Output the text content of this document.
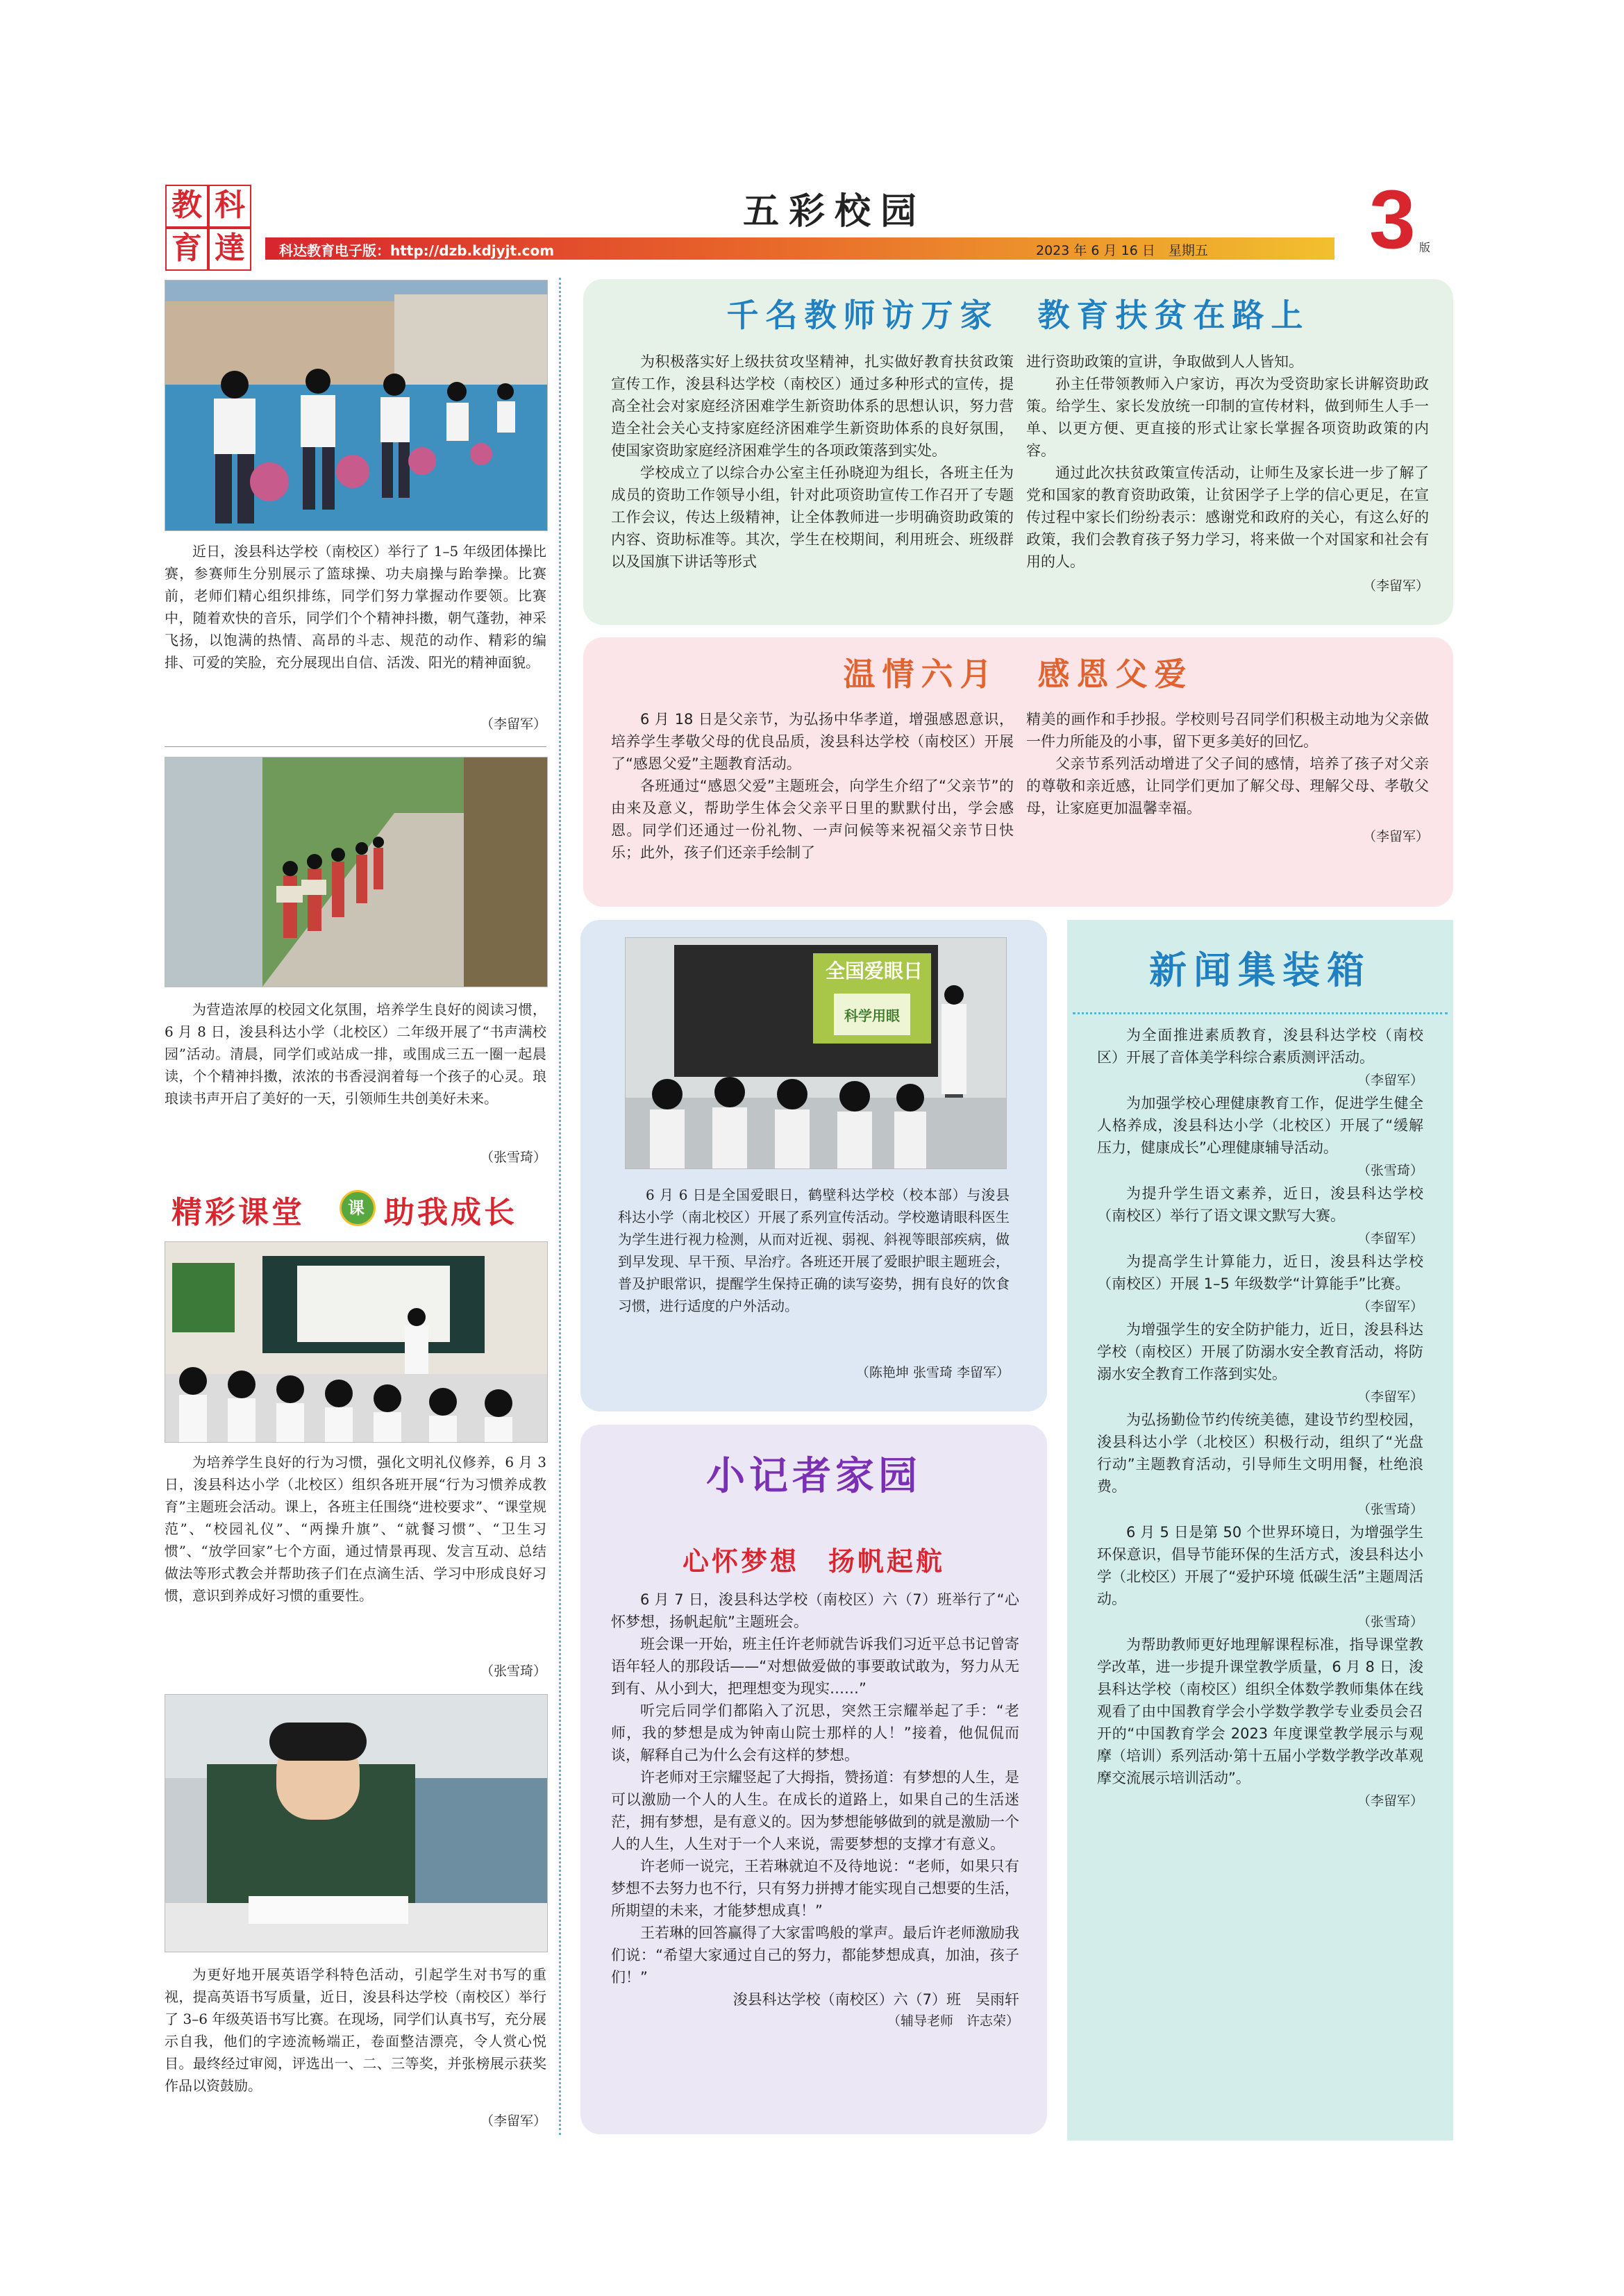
教 科
育 達
五彩校园
科达教育电子版：http://dzb.kdjyjt.com	2023 年 6 月 16 日　星期五 3 版

近日，浚县科达学校（南校区）举行了 1–5 年级团体操比赛，参赛师生分别展示了篮球操、功夫扇操与跆拳操。比赛前，老师们精心组织排练，同学们努力掌握动作要领。比赛中，随着欢快的音乐，同学们个个精神抖擞，朝气蓬勃，神采飞扬，以饱满的热情、高昂的斗志、规范的动作、精彩的编排、可爱的笑脸，充分展现出自信、活泼、阳光的精神面貌。

（李留军）

为营造浓厚的校园文化氛围，培养学生良好的阅读习惯，6 月 8 日，浚县科达小学（北校区）二年级开展了“书声满校园”活动。清晨，同学们或站成一排，或围成三五一圈一起晨读，个个精神抖擞，浓浓的书香浸润着每一个孩子的心灵。琅琅读书声开启了美好的一天，引领师生共创美好未来。

（张雪琦）

精彩课堂	课 助我成长

为培养学生良好的行为习惯，强化文明礼仪修养，6 月 3 日，浚县科达小学（北校区）组织各班开展“行为习惯养成教育”主题班会活动。课上，各班主任围绕“进校要求”、“课堂规范”、“校园礼仪”、“两操升旗”、“就餐习惯”、“卫生习惯”、“放学回家”七个方面，通过情景再现、发言互动、总结做法等形式教会并帮助孩子们在点滴生活、学习中形成良好习惯，意识到养成好习惯的重要性。

（张雪琦）

为更好地开展英语学科特色活动，引起学生对书写的重视，提高英语书写质量，近日，浚县科达学校（南校区）举行了 3–6 年级英语书写比赛。在现场，同学们认真书写，充分展示自我，他们的字迹流畅端正，卷面整洁漂亮，令人赏心悦目。最终经过审阅，评选出一、二、三等奖，并张榜展示获奖作品以资鼓励。

（李留军）

千名教师访万家　教育扶贫在路上

为积极落实好上级扶贫攻坚精神，扎实做好教育扶贫政策宣传工作，浚县科达学校（南校区）通过多种形式的宣传，提高全社会对家庭经济困难学生新资助体系的思想认识，努力营造全社会关心支持家庭经济困难学生新资助体系的良好氛围，使国家资助家庭经济困难学生的各项政策落到实处。

学校成立了以综合办公室主任孙晓迎为组长，各班主任为成员的资助工作领导小组，针对此项资助宣传工作召开了专题工作会议，传达上级精神，让全体教师进一步明确资助政策的内容、资助标准等。其次，学生在校期间，利用班会、班级群以及国旗下讲话等形式

进行资助政策的宣讲，争取做到人人皆知。

孙主任带领教师入户家访，再次为受资助家长讲解资助政策。给学生、家长发放统一印制的宣传材料，做到师生人手一单、以更方便、更直接的形式让家长掌握各项资助政策的内容。

通过此次扶贫政策宣传活动，让师生及家长进一步了解了党和国家的教育资助政策，让贫困学子上学的信心更足，在宣传过程中家长们纷纷表示：感谢党和政府的关心，有这么好的政策，我们会教育孩子努力学习，将来做一个对国家和社会有用的人。

（李留军）

温情六月　感恩父爱

6 月 18 日是父亲节，为弘扬中华孝道，增强感恩意识，培养学生孝敬父母的优良品质，浚县科达学校（南校区）开展了“感恩父爱”主题教育活动。

各班通过“感恩父爱”主题班会，向学生介绍了“父亲节”的由来及意义，帮助学生体会父亲平日里的默默付出，学会感恩。同学们还通过一份礼物、一声问候等来祝福父亲节日快乐；此外，孩子们还亲手绘制了

精美的画作和手抄报。学校则号召同学们积极主动地为父亲做一件力所能及的小事，留下更多美好的回忆。

父亲节系列活动增进了父子间的感情，培养了孩子对父亲的尊敬和亲近感，让同学们更加了解父母、理解父母、孝敬父母，让家庭更加温馨幸福。

（李留军）

全国爱眼日
科学用眼

6 月 6 日是全国爱眼日，鹤壁科达学校（校本部）与浚县科达小学（南北校区）开展了系列宣传活动。学校邀请眼科医生为学生进行视力检测，从而对近视、弱视、斜视等眼部疾病，做到早发现、早干预、早治疗。各班还开展了爱眼护眼主题班会，普及护眼常识，提醒学生保持正确的读写姿势，拥有良好的饮食习惯，进行适度的户外活动。

（陈艳坤 张雪琦 李留军）

小记者家园
心怀梦想　扬帆起航

6 月 7 日，浚县科达学校（南校区）六（7）班举行了“心怀梦想，扬帆起航”主题班会。

班会课一开始，班主任许老师就告诉我们习近平总书记曾寄语年轻人的那段话——“对想做爱做的事要敢试敢为，努力从无到有、从小到大，把理想变为现实……”

听完后同学们都陷入了沉思，突然王宗耀举起了手：“老师，我的梦想是成为钟南山院士那样的人！”接着，他侃侃而谈，解释自己为什么会有这样的梦想。

许老师对王宗耀竖起了大拇指，赞扬道：有梦想的人生，是可以激励一个人的人生。在成长的道路上，如果自己的生活迷茫，拥有梦想，是有意义的。因为梦想能够做到的就是激励一个人的人生，人生对于一个人来说，需要梦想的支撑才有意义。

许老师一说完，王若琳就迫不及待地说：“老师，如果只有梦想不去努力也不行，只有努力拼搏才能实现自己想要的生活，所期望的未来，才能梦想成真！”

王若琳的回答赢得了大家雷鸣般的掌声。最后许老师激励我们说：“希望大家通过自己的努力，都能梦想成真，加油，孩子们！”

浚县科达学校（南校区）六（7）班　吴雨轩

（辅导老师　许志荣）

新闻集装箱

为全面推进素质教育，浚县科达学校（南校区）开展了音体美学科综合素质测评活动。

（李留军）

为加强学校心理健康教育工作，促进学生健全人格养成，浚县科达小学（北校区）开展了“缓解压力，健康成长”心理健康辅导活动。

（张雪琦）

为提升学生语文素养，近日，浚县科达学校（南校区）举行了语文课文默写大赛。

（李留军）

为提高学生计算能力，近日，浚县科达学校（南校区）开展 1–5 年级数学“计算能手”比赛。

（李留军）

为增强学生的安全防护能力，近日，浚县科达学校（南校区）开展了防溺水安全教育活动，将防溺水安全教育工作落到实处。

（李留军）

为弘扬勤俭节约传统美德，建设节约型校园，浚县科达小学（北校区）积极行动，组织了“光盘行动”主题教育活动，引导师生文明用餐，杜绝浪费。

（张雪琦）

6 月 5 日是第 50 个世界环境日，为增强学生环保意识，倡导节能环保的生活方式，浚县科达小学（北校区）开展了“爱护环境 低碳生活”主题周活动。

（张雪琦）

为帮助教师更好地理解课程标准，指导课堂教学改革，进一步提升课堂教学质量，6 月 8 日，浚县科达学校（南校区）组织全体数学教师集体在线观看了由中国教育学会小学数学教学专业委员会召开的“中国教育学会 2023 年度课堂教学展示与观摩（培训）系列活动·第十五届小学数学教学改革观摩交流展示培训活动”。

（李留军）
